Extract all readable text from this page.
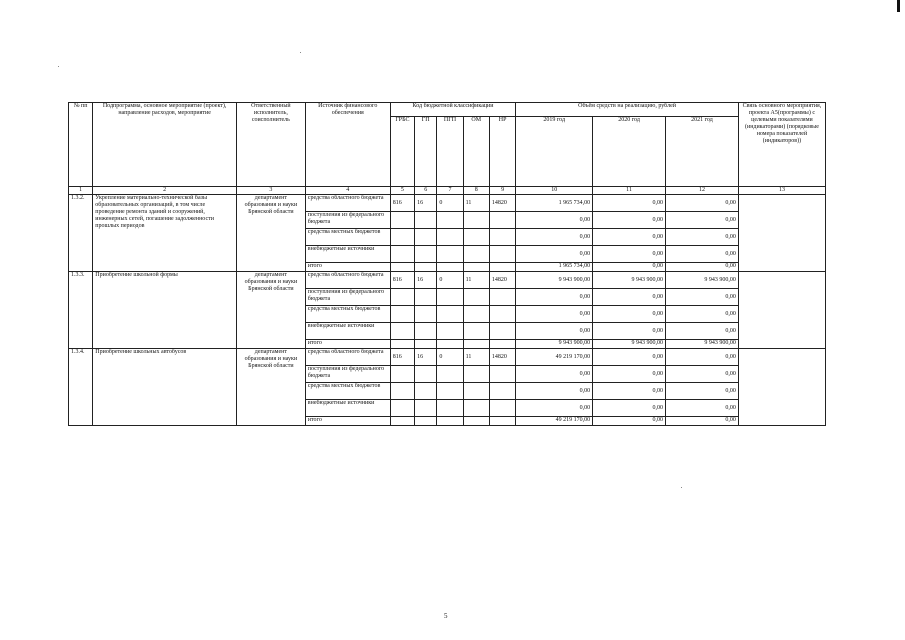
№ пп	Подпрограмма, основное мероприятие (проект), направление расходов, мероприятие	Ответственный исполнитель, соисполнитель	Источник финансового обеспечения	Код бюджетной классификации					Объём средств на реализацию, рублей			Связь основного мероприятия, проекта А5(программы) с целевыми показателями (индикаторами) (порядковые номера показателей (индикаторов))
				ГРБС	ГП	ПГП	ОМ	НР	2019 год	2020 год	2021 год	
1	2	3	4	5	6	7	8	9	10	11	12	13
1.3.2.	Укрепление материально-технической базы образовательных организаций, в том числе проведение ремонта зданий и сооружений, инженерных сетей, погашение задолженности прошлых периодов	департамент образования и науки Брянской области	средства областного бюджета	816	16	0	11	14820	1 965 734,00	0,00	0,00	
			поступления из федерального бюджета						0,00	0,00	0,00	
			средства местных бюджетов						0,00	0,00	0,00	
			внебюджетные источники						0,00	0,00	0,00	
			итого						1 965 734,00	0,00	0,00	
1.3.3.	Приобретение школьной формы	департамент образования и науки Брянской области	средства областного бюджета	816	16	0	11	14820	9 943 900,00	9 943 900,00	9 943 900,00	
			поступления из федерального бюджета						0,00	0,00	0,00	
			средства местных бюджетов						0,00	0,00	0,00	
			внебюджетные источники						0,00	0,00	0,00	
			итого						9 943 900,00	9 943 900,00	9 943 900,00	
1.3.4.	Приобретение школьных автобусов	департамент образования и науки Брянской области	средства областного бюджета	816	16	0	11	14820	49 219 170,00	0,00	0,00	
			поступления из федерального бюджета						0,00	0,00	0,00	
			средства местных бюджетов						0,00	0,00	0,00	
			внебюджетные источники						0,00	0,00	0,00	
			итого						49 219 170,00	0,00	0,00	
5
